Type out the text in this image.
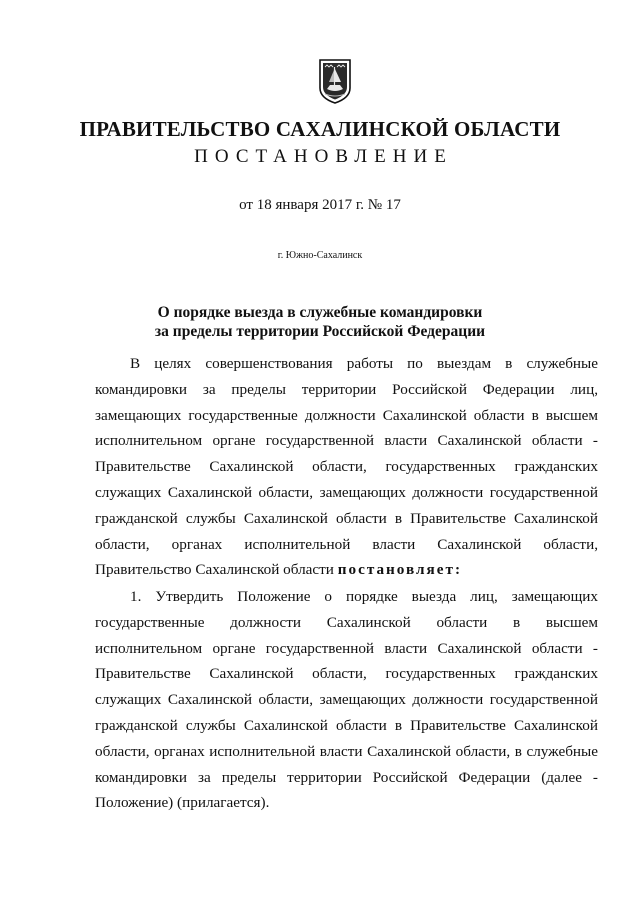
ПРАВИТЕЛЬСТВО САХАЛИНСКОЙ ОБЛАСТИ
ПОСТАНОВЛЕНИЕ
от 18 января 2017 г. № 17
г. Южно-Сахалинск
О порядке выезда в служебные командировки
за пределы территории Российской Федерации

В целях совершенствования работы по выездам в служебные командировки за пределы территории Российской Федерации лиц, замещающих государственные должности Сахалинской области в высшем исполнительном органе государственной власти Сахалинской области - Правительстве Сахалинской области, государственных гражданских служащих Сахалинской области, замещающих должности государственной гражданской службы Сахалинской области в Правительстве Сахалинской области, органах исполнительной власти Сахалинской области, Правительство Сахалинской области постановляет:

1. Утвердить Положение о порядке выезда лиц, замещающих государственные должности Сахалинской области в высшем исполнительном органе государственной власти Сахалинской области - Правительстве Сахалинской области, государственных гражданских служащих Сахалинской области, замещающих должности государственной гражданской службы Сахалинской области в Правительстве Сахалинской области, органах исполнительной власти Сахалинской области, в служебные командировки за пределы территории Российской Федерации (далее - Положение) (прилагается).
